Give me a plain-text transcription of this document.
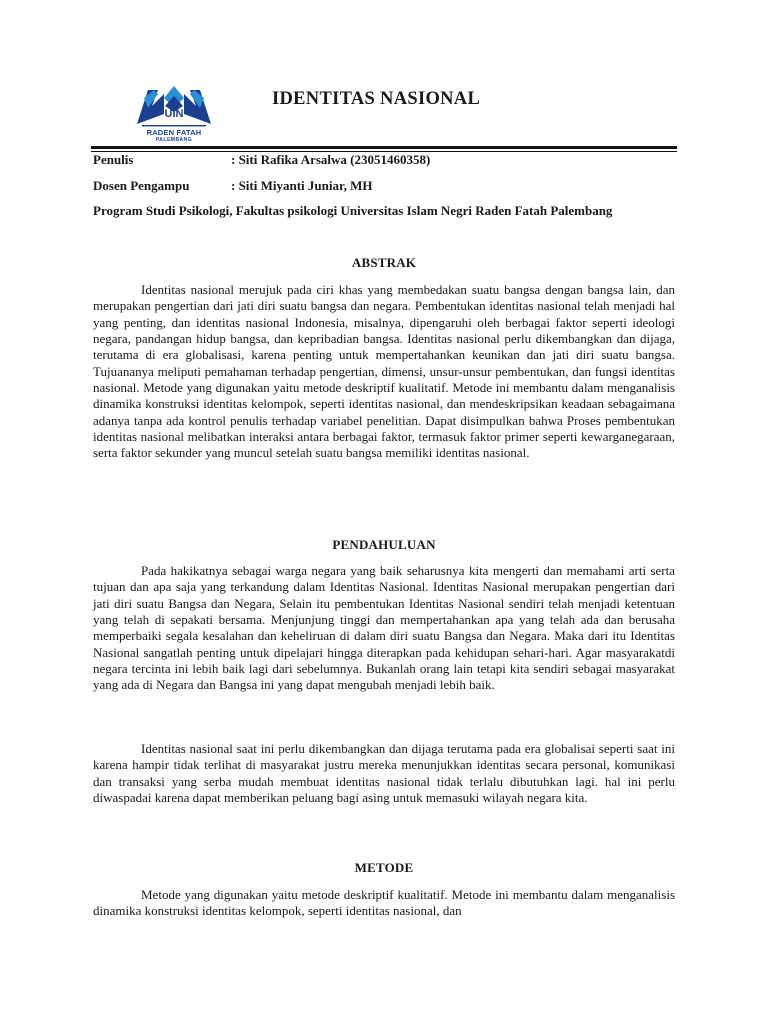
UIN
RADEN FATAH
PALEMBANG
IDENTITAS NASIONAL
Penulis	: Siti Rafika Arsalwa (23051460358)
Dosen Pengampu	: Siti Miyanti Juniar, MH
Program Studi Psikologi, Fakultas psikologi Universitas Islam Negri Raden Fatah Palembang
ABSTRAK

Identitas nasional merujuk pada ciri khas yang membedakan suatu bangsa dengan bangsa lain, dan merupakan pengertian dari jati diri suatu bangsa dan negara. Pembentukan identitas nasional telah menjadi hal yang penting, dan identitas nasional Indonesia, misalnya, dipengaruhi oleh berbagai faktor seperti ideologi negara, pandangan hidup bangsa, dan kepribadian bangsa. Identitas nasional perlu dikembangkan dan dijaga, terutama di era globalisasi, karena penting untuk mempertahankan keunikan dan jati diri suatu bangsa. Tujuananya meliputi pemahaman terhadap pengertian, dimensi, unsur-unsur pembentukan, dan fungsi identitas nasional. Metode yang digunakan yaitu metode deskriptif kualitatif. Metode ini membantu dalam menganalisis dinamika konstruksi identitas kelompok, seperti identitas nasional, dan mendeskripsikan keadaan sebagaimana adanya tanpa ada kontrol penulis terhadap variabel penelitian. Dapat disimpulkan bahwa Proses pembentukan identitas nasional melibatkan interaksi antara berbagai faktor, termasuk faktor primer seperti kewarganegaraan, serta faktor sekunder yang muncul setelah suatu bangsa memiliki identitas nasional.

PENDAHULUAN

Pada hakikatnya sebagai warga negara yang baik seharusnya kita mengerti dan memahami arti serta tujuan dan apa saja yang terkandung dalam Identitas Nasional. Identitas Nasional merupakan pengertian dari jati diri suatu Bangsa dan Negara, Selain itu pembentukan Identitas Nasional sendiri telah menjadi ketentuan yang telah di sepakati bersama. Menjunjung tinggi dan mempertahankan apa yang telah ada dan berusaha memperbaiki segala kesalahan dan keheliruan di dalam diri suatu Bangsa dan Negara. Maka dari itu Identitas Nasional sangatlah penting untuk dipelajari hingga diterapkan pada kehidupan sehari-hari. Agar masyarakatdi negara tercinta ini lebih baik lagi dari sebelumnya. Bukanlah orang lain tetapi kita sendiri sebagai masyarakat yang ada di Negara dan Bangsa ini yang dapat mengubah menjadi lebih baik.

Identitas nasional saat ini perlu dikembangkan dan dijaga terutama pada era globalisai seperti saat ini karena hampir tidak terlihat di masyarakat justru mereka menunjukkan identitas secara personal, komunikasi dan transaksi yang serba mudah membuat identitas nasional tidak terlalu dibutuhkan lagi. hal ini perlu diwaspadai karena dapat memberikan peluang bagi asing untuk memasuki wilayah negara kita.

METODE

Metode yang digunakan yaitu metode deskriptif kualitatif. Metode ini membantu dalam menganalisis dinamika konstruksi identitas kelompok, seperti identitas nasional, dan
